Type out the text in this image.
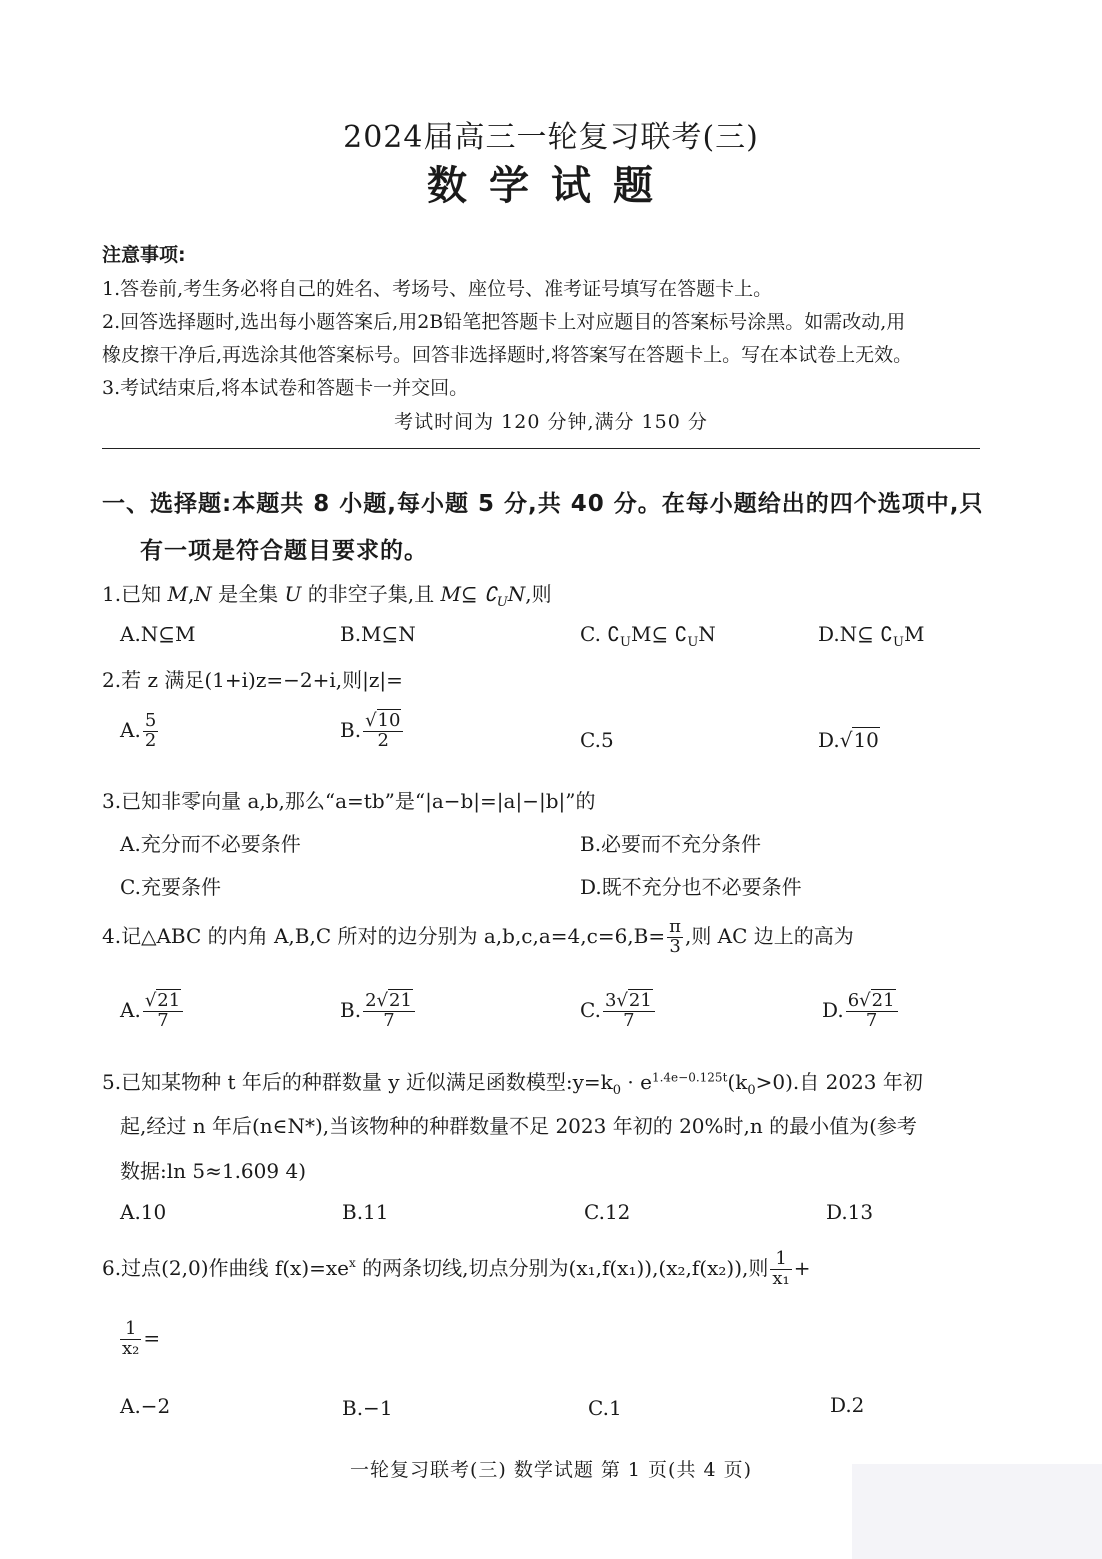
2024届高三一轮复习联考(三)
数学试题
注意事项:
1.答卷前,考生务必将自己的姓名、考场号、座位号、准考证号填写在答题卡上。
2.回答选择题时,选出每小题答案后,用2B铅笔把答题卡上对应题目的答案标号涂黑。如需改动,用
橡皮擦干净后,再选涂其他答案标号。回答非选择题时,将答案写在答题卡上。写在本试卷上无效。
3.考试结束后,将本试卷和答题卡一并交回。
考试时间为 120 分钟,满分 150 分
一、选择题:本题共 8 小题,每小题 5 分,共 40 分。在每小题给出的四个选项中,只
有一项是符合题目要求的。
1.已知 M,N 是全集 U 的非空子集,且 M⊆ $∁_UN$,则
A.N⊆M	B.M⊆N	C. $∁_UM⊆$ $∁_UN$	D.N⊆ $∁_UM$
2.若 z 满足(1+i)z=−2+i,则|z|=
A. $\frac{5}{2}$	B. $\frac{√10}{2}$	C.5	D.√10
3.已知非零向量 a,b,那么“a=tb”是“|a−b|=|a|−|b|”的
A.充分而不必要条件	B.必要而不充分条件
C.充要条件	D.既不充分也不必要条件
4.记△ABC 的内角 A,B,C 所对的边分别为 $a,b,c,a=4,c=6,B= \frac{\pi}{3}$ ,则 AC 边上的高为
A. $\frac{√21}{7}$	B. $\frac{2√21}{7}$	C. $\frac{3√21}{7}$	D. $\frac{6√21}{7}$
5.已知某物种 t 年后的种群数量 y 近似满足函数模型$:y=k_0 \cdot e^{1.4e-0.125t}(k_0>0)$.自 2023 年初
起,经过 n 年后(n∈N*),当该物种的种群数量不足 2023 年初的 20%时,n 的最小值为(参考
数据:ln 5≈1.609 4)
A.10	B.11	C.12	D.13
6.过点(2,0)作曲线 $f(x)=xe^x$ 的两条切线,切点分别为(x₁,f(x₁)),(x₂,f(x₂)),则 $\frac{1}{\text{x₁}}$ +
$\frac{1}{\text{x₂}}$ =
A.−2	B.−1	C.1	D.2
一轮复习联考(三) 数学试题 第 1 页(共 4 页)
